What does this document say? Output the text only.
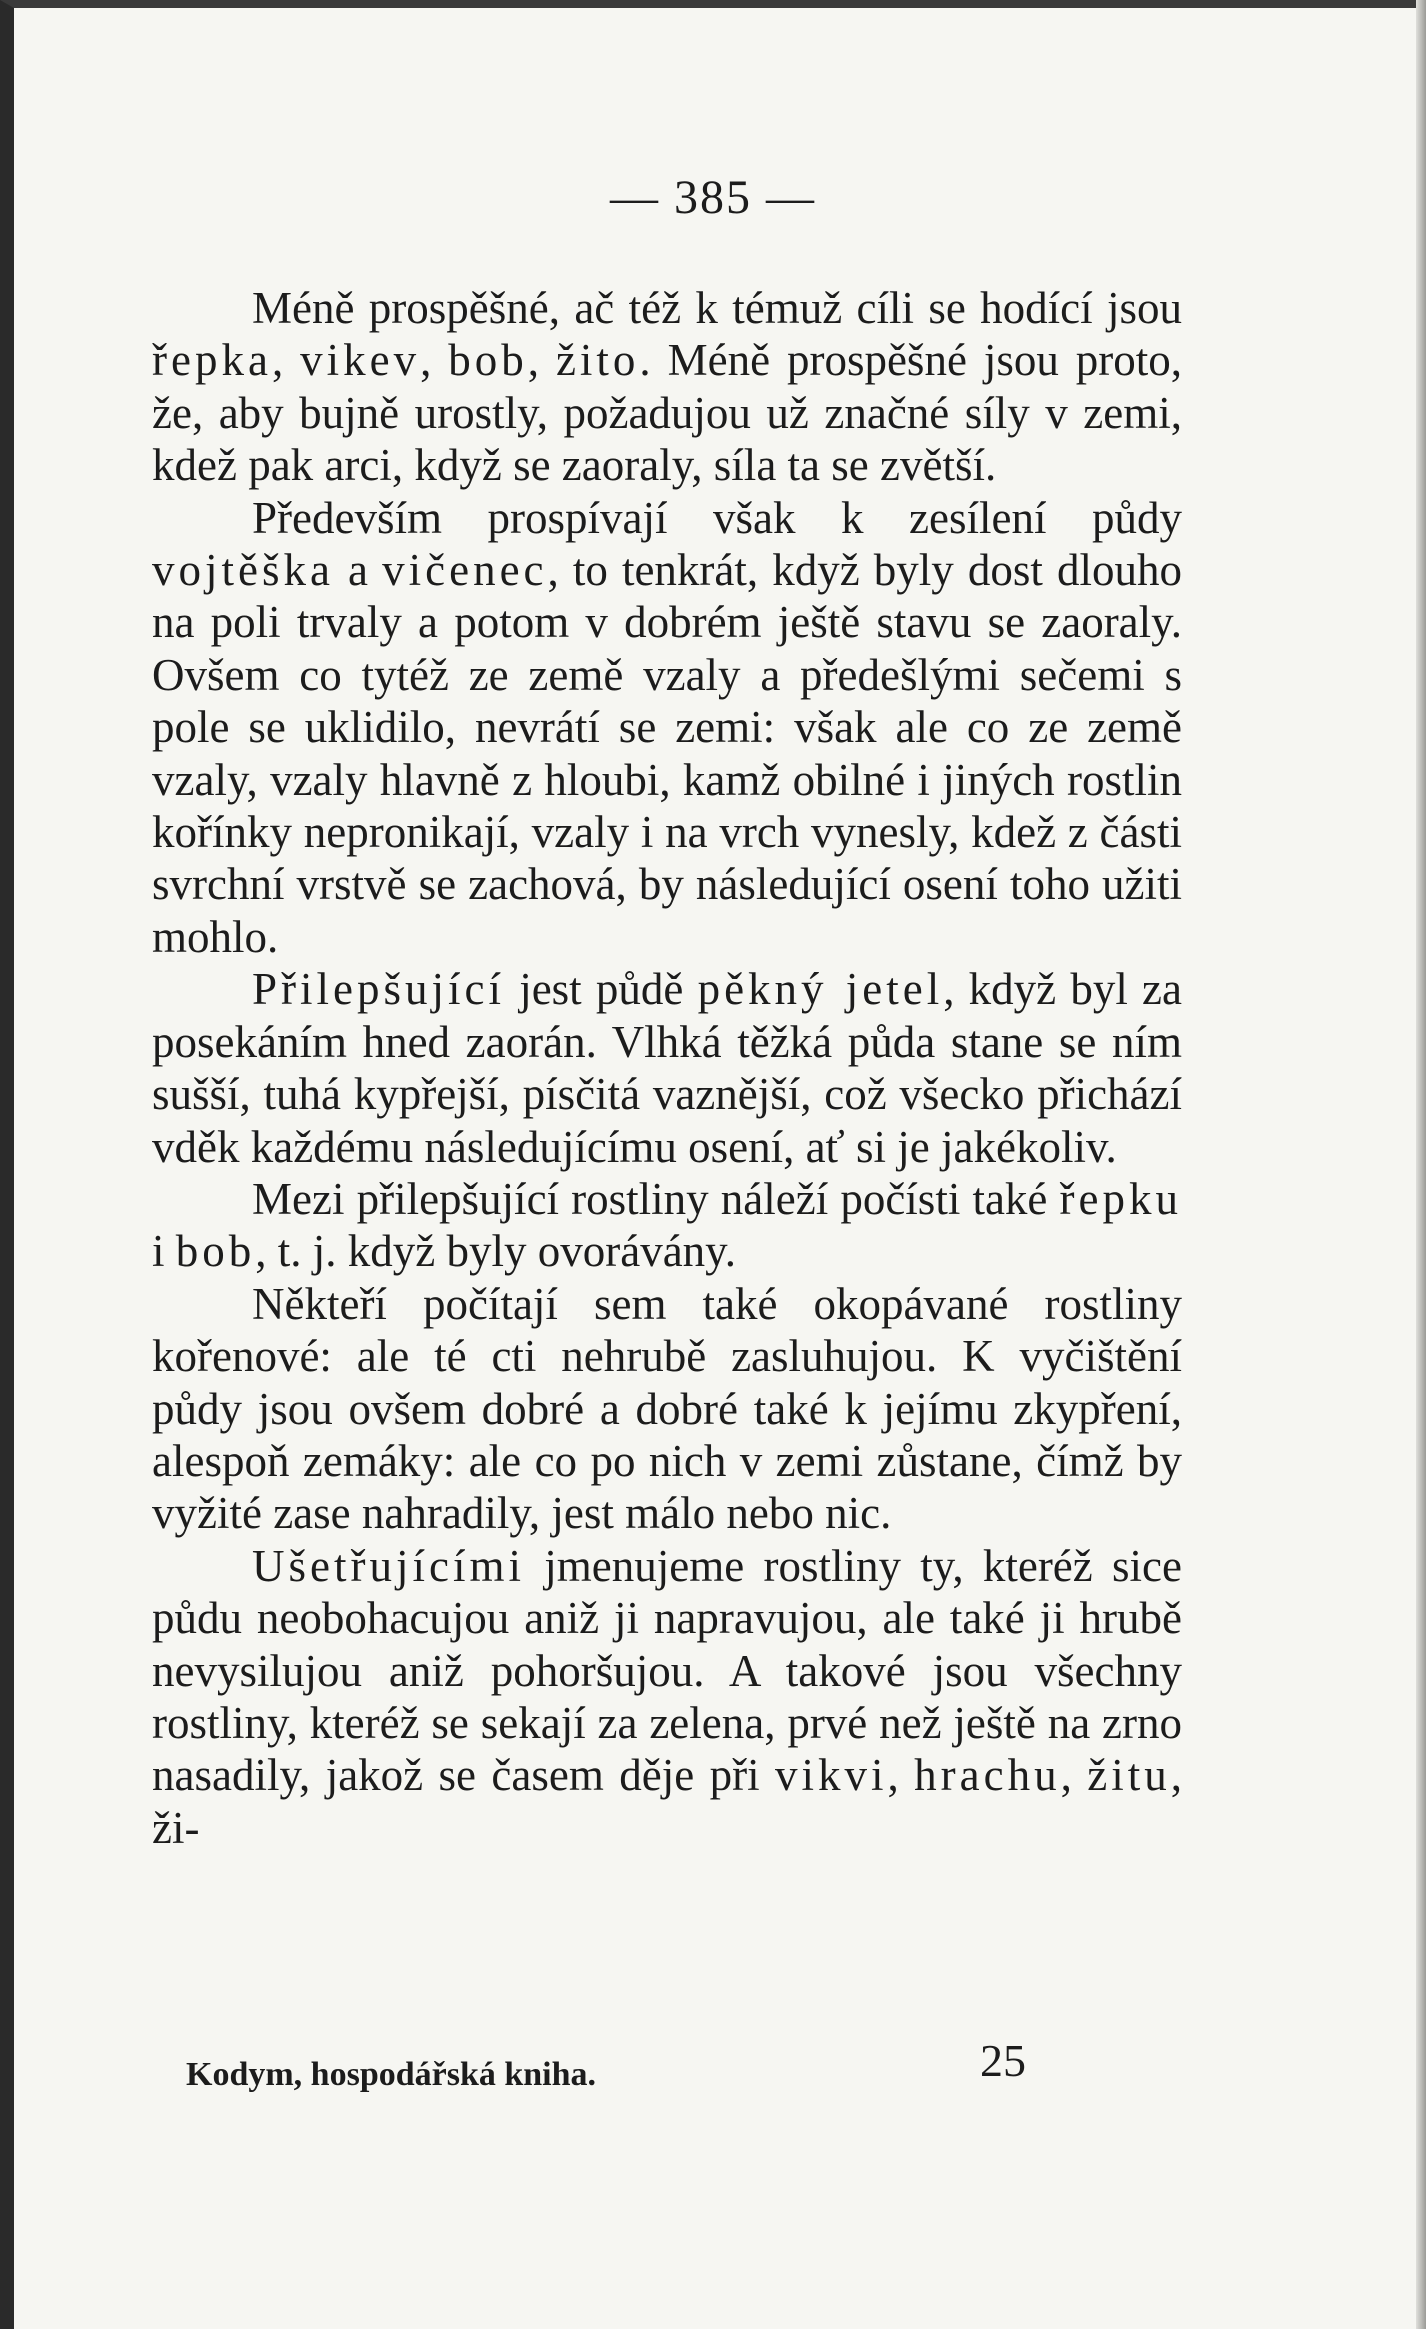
— 385 —

Méně prospěšné, ač též k témuž cíli se hodící jsou řepka, vikev, bob, žito. Méně prospěšné jsou proto, že, aby bujně urostly, požadujou už značné síly v zemi, kdež pak arci, když se zaoraly, síla ta se zvětší.

Především prospívají však k zesílení půdy vojtěška a vičenec, to tenkrát, když byly dost dlouho na poli trvaly a potom v dobrém ještě stavu se zaoraly. Ovšem co tytéž ze země vzaly a předešlými sečemi s pole se uklidilo, nevrátí se zemi: však ale co ze země vzaly, vzaly hlavně z hloubi, kamž obilné i jiných rostlin kořínky nepronikají, vzaly i na vrch vynesly, kdež z části svrchní vrstvě se zachová, by následující osení toho užiti mohlo.

Přilepšující jest půdě pěkný jetel, když byl za posekáním hned zaorán. Vlhká těžká půda stane se ním sušší, tuhá kypřejší, písčitá vaznější, což všecko přichází vděk každému následujícímu osení, ať si je jakékoliv.

Mezi přilepšující rostliny náleží počísti také řepku i bob, t. j. když byly ovorávány.

Někteří počítají sem také okopávané rostliny kořenové: ale té cti nehrubě zasluhujou. K vyčištění půdy jsou ovšem dobré a dobré také k jejímu zkypření, alespoň zemáky: ale co po nich v zemi zůstane, čímž by vyžité zase nahradily, jest málo nebo nic.

Ušetřujícími jmenujeme rostliny ty, kteréž sice půdu neobohacujou aniž ji napravujou, ale také ji hrubě nevysilujou aniž pohoršujou. A takové jsou všechny rostliny, kteréž se sekají za zelena, prvé než ještě na zrno nasadily, jakož se časem děje při vikvi, hrachu, žitu, ži-

Kodym, hospodářská kniha.	25
